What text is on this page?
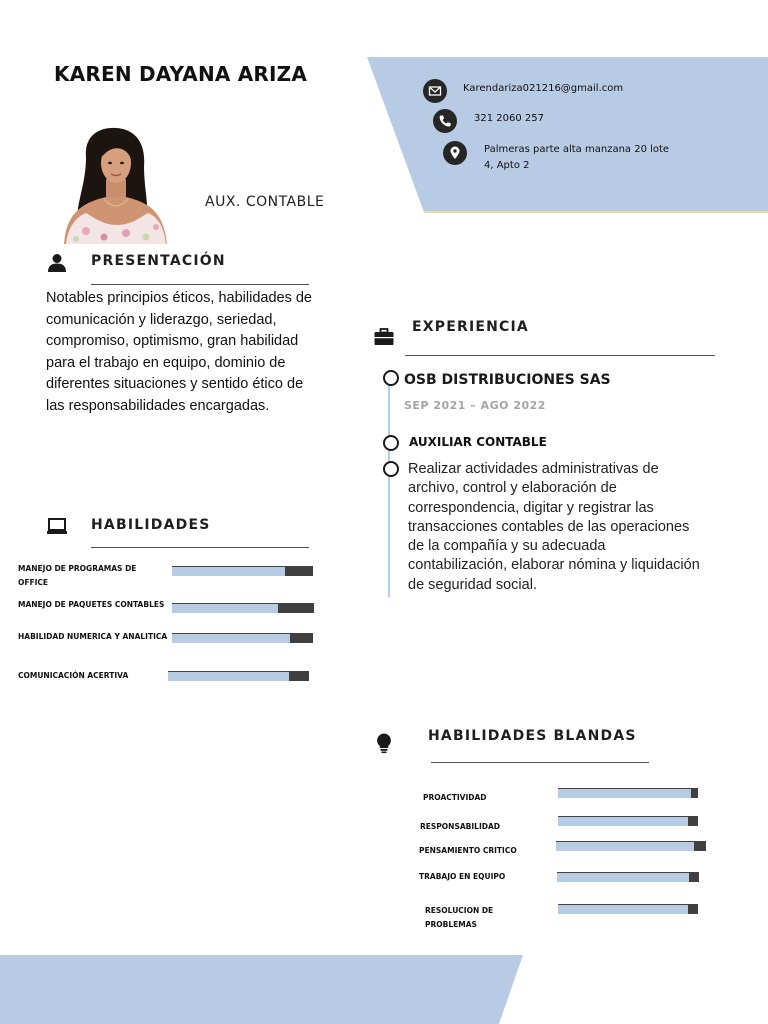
KAREN DAYANA ARIZA
AUX. CONTABLE
Karendariza021216@gmail.com
321 2060 257
Palmeras parte alta manzana 20 lote
4, Apto 2
PRESENTACIÓN
Notables principios éticos, habilidades de comunicación y liderazgo, seriedad, compromiso, optimismo, gran habilidad para el trabajo en equipo, dominio de diferentes situaciones y sentido ético de las responsabilidades encargadas.
EXPERIENCIA
OSB DISTRIBUCIONES SAS
SEP 2021 – AGO 2022
AUXILIAR CONTABLE
Realizar actividades administrativas de archivo, control y elaboración de correspondencia, digitar y registrar las transacciones contables de las operaciones de la compañía y su adecuada contabilización, elaborar nómina y liquidación de seguridad social.
HABILIDADES
MANEJO DE PROGRAMAS DE OFFICE
MANEJO DE PAQUETES CONTABLES
HABILIDAD NUMERICA Y ANALITICA
COMUNICACIÓN ACERTIVA
HABILIDADES BLANDAS
PROACTIVIDAD
RESPONSABILIDAD
PENSAMIENTO CRITICO
TRABAJO EN EQUIPO
RESOLUCION DE PROBLEMAS
